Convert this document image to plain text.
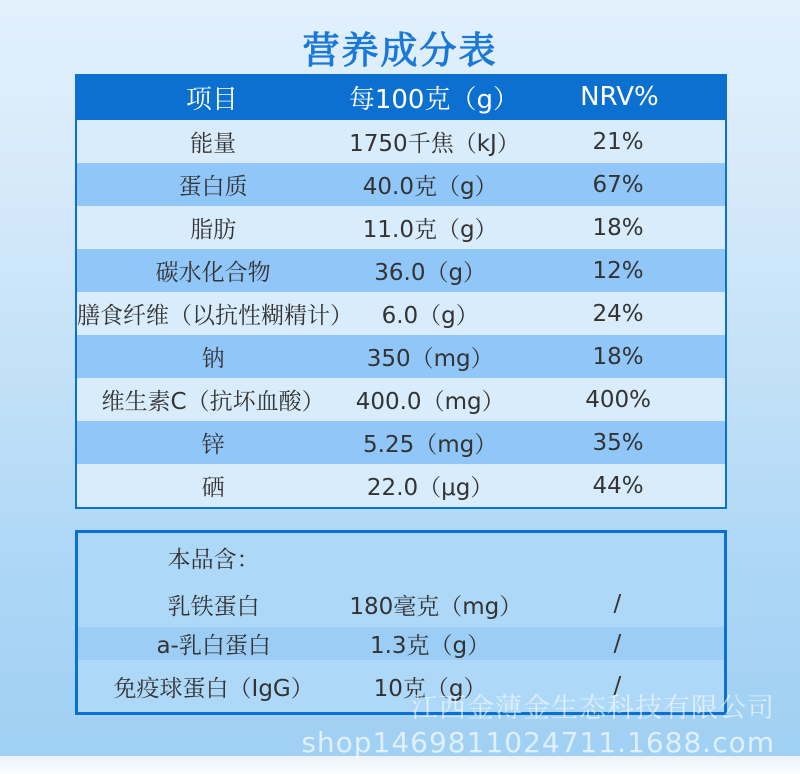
营养成分表
项目	每100克（g）	NRV%
能量	1750千焦（kJ）	21%
蛋白质	40.0克（g）	67%
脂肪	11.0克（g）	18%
碳水化合物	36.0（g）	12%
膳食纤维（以抗性糊精计）	6.0（g）	24%
钠	350（mg）	18%
维生素C（抗坏血酸）	400.0（mg）	400%
锌	5.25（mg）	35%
硒	22.0（μg）	44%
本品含：
乳铁蛋白	180毫克（mg）	/
a-乳白蛋白	1.3克（g）	/
免疫球蛋白（IgG）	10克（g）	/
江西金薄金生态科技有限公司
shop1469811024711.1688.com
